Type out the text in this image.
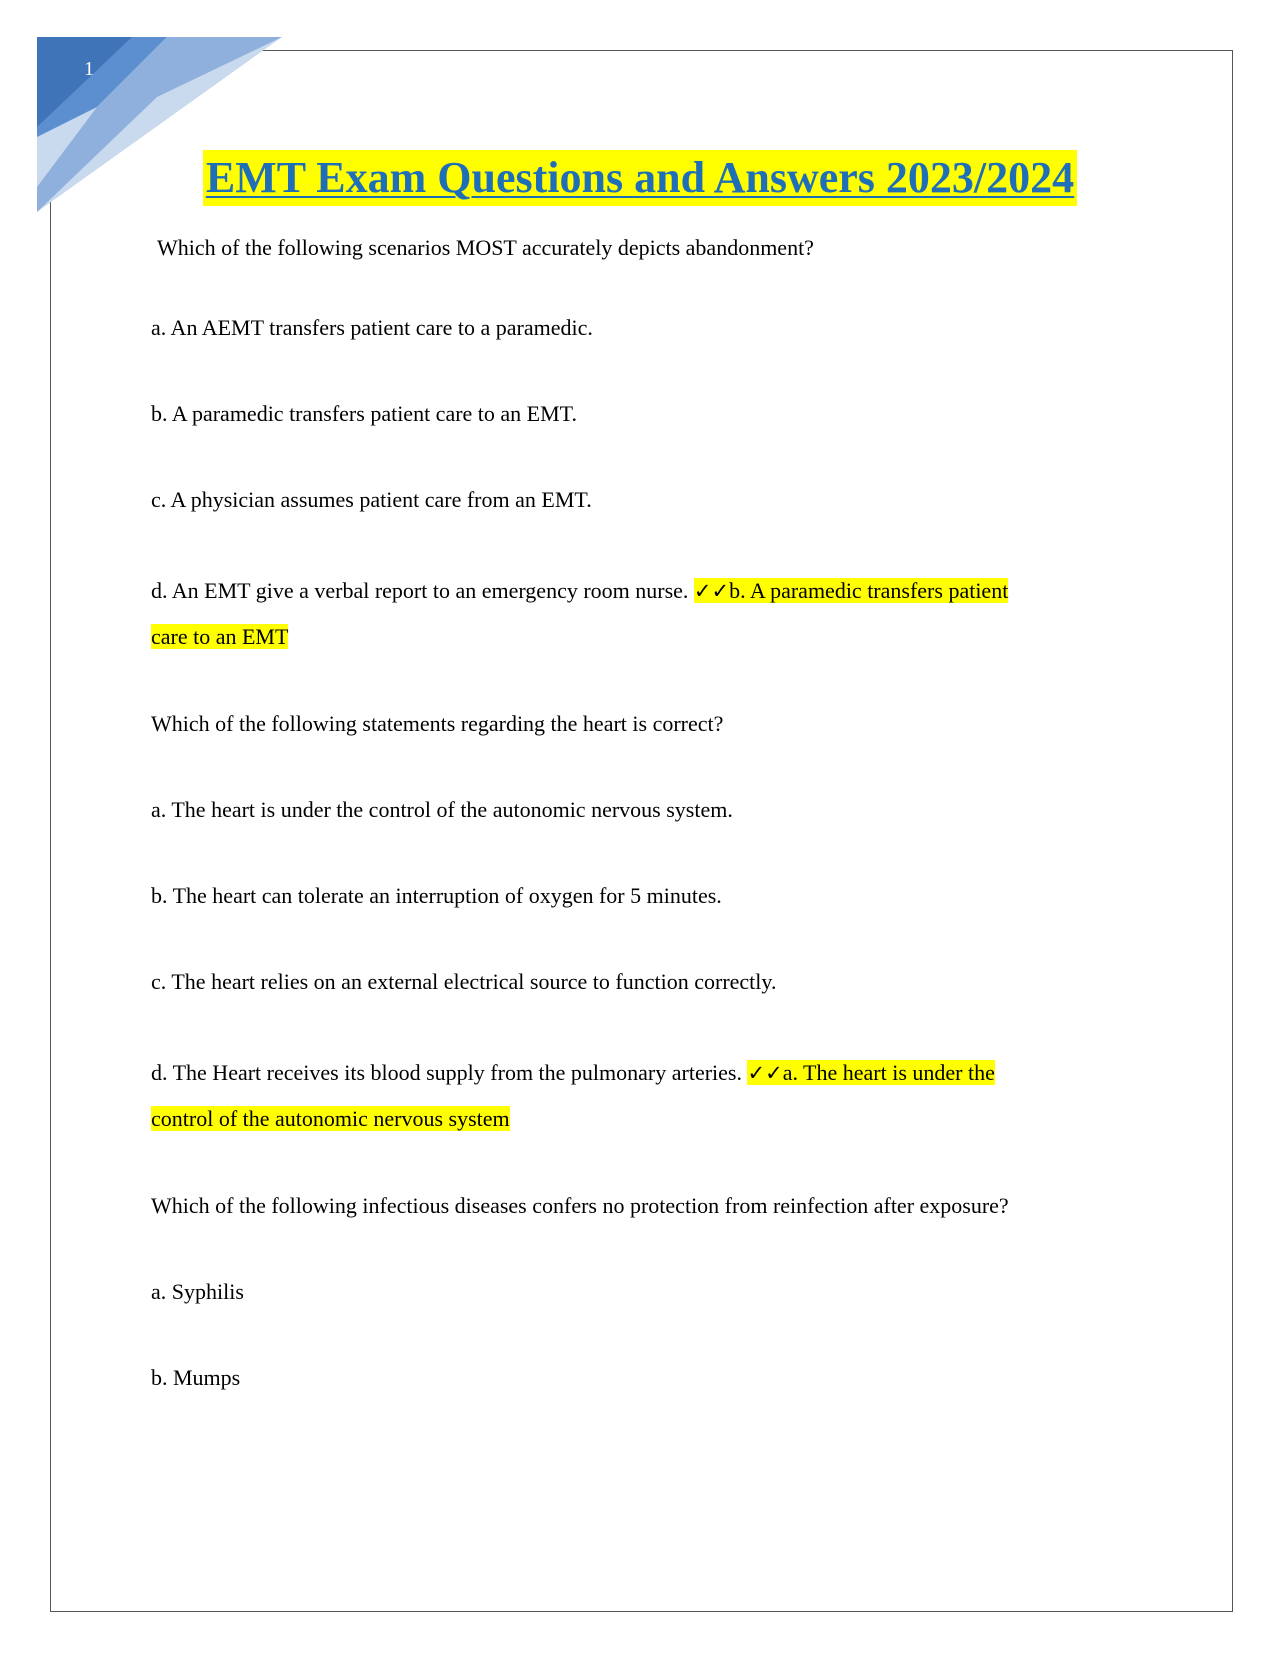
1
EMT Exam Questions and Answers 2023/2024
Which of the following scenarios MOST accurately depicts abandonment?
a. An AEMT transfers patient care to a paramedic.
b. A paramedic transfers patient care to an EMT.
c. A physician assumes patient care from an EMT.
d. An EMT give a verbal report to an emergency room nurse. ✓✓b. A paramedic transfers patient
care to an EMT
Which of the following statements regarding the heart is correct?
a. The heart is under the control of the autonomic nervous system.
b. The heart can tolerate an interruption of oxygen for 5 minutes.
c. The heart relies on an external electrical source to function correctly.
d. The Heart receives its blood supply from the pulmonary arteries. ✓✓a. The heart is under the
control of the autonomic nervous system
Which of the following infectious diseases confers no protection from reinfection after exposure?
a. Syphilis
b. Mumps
